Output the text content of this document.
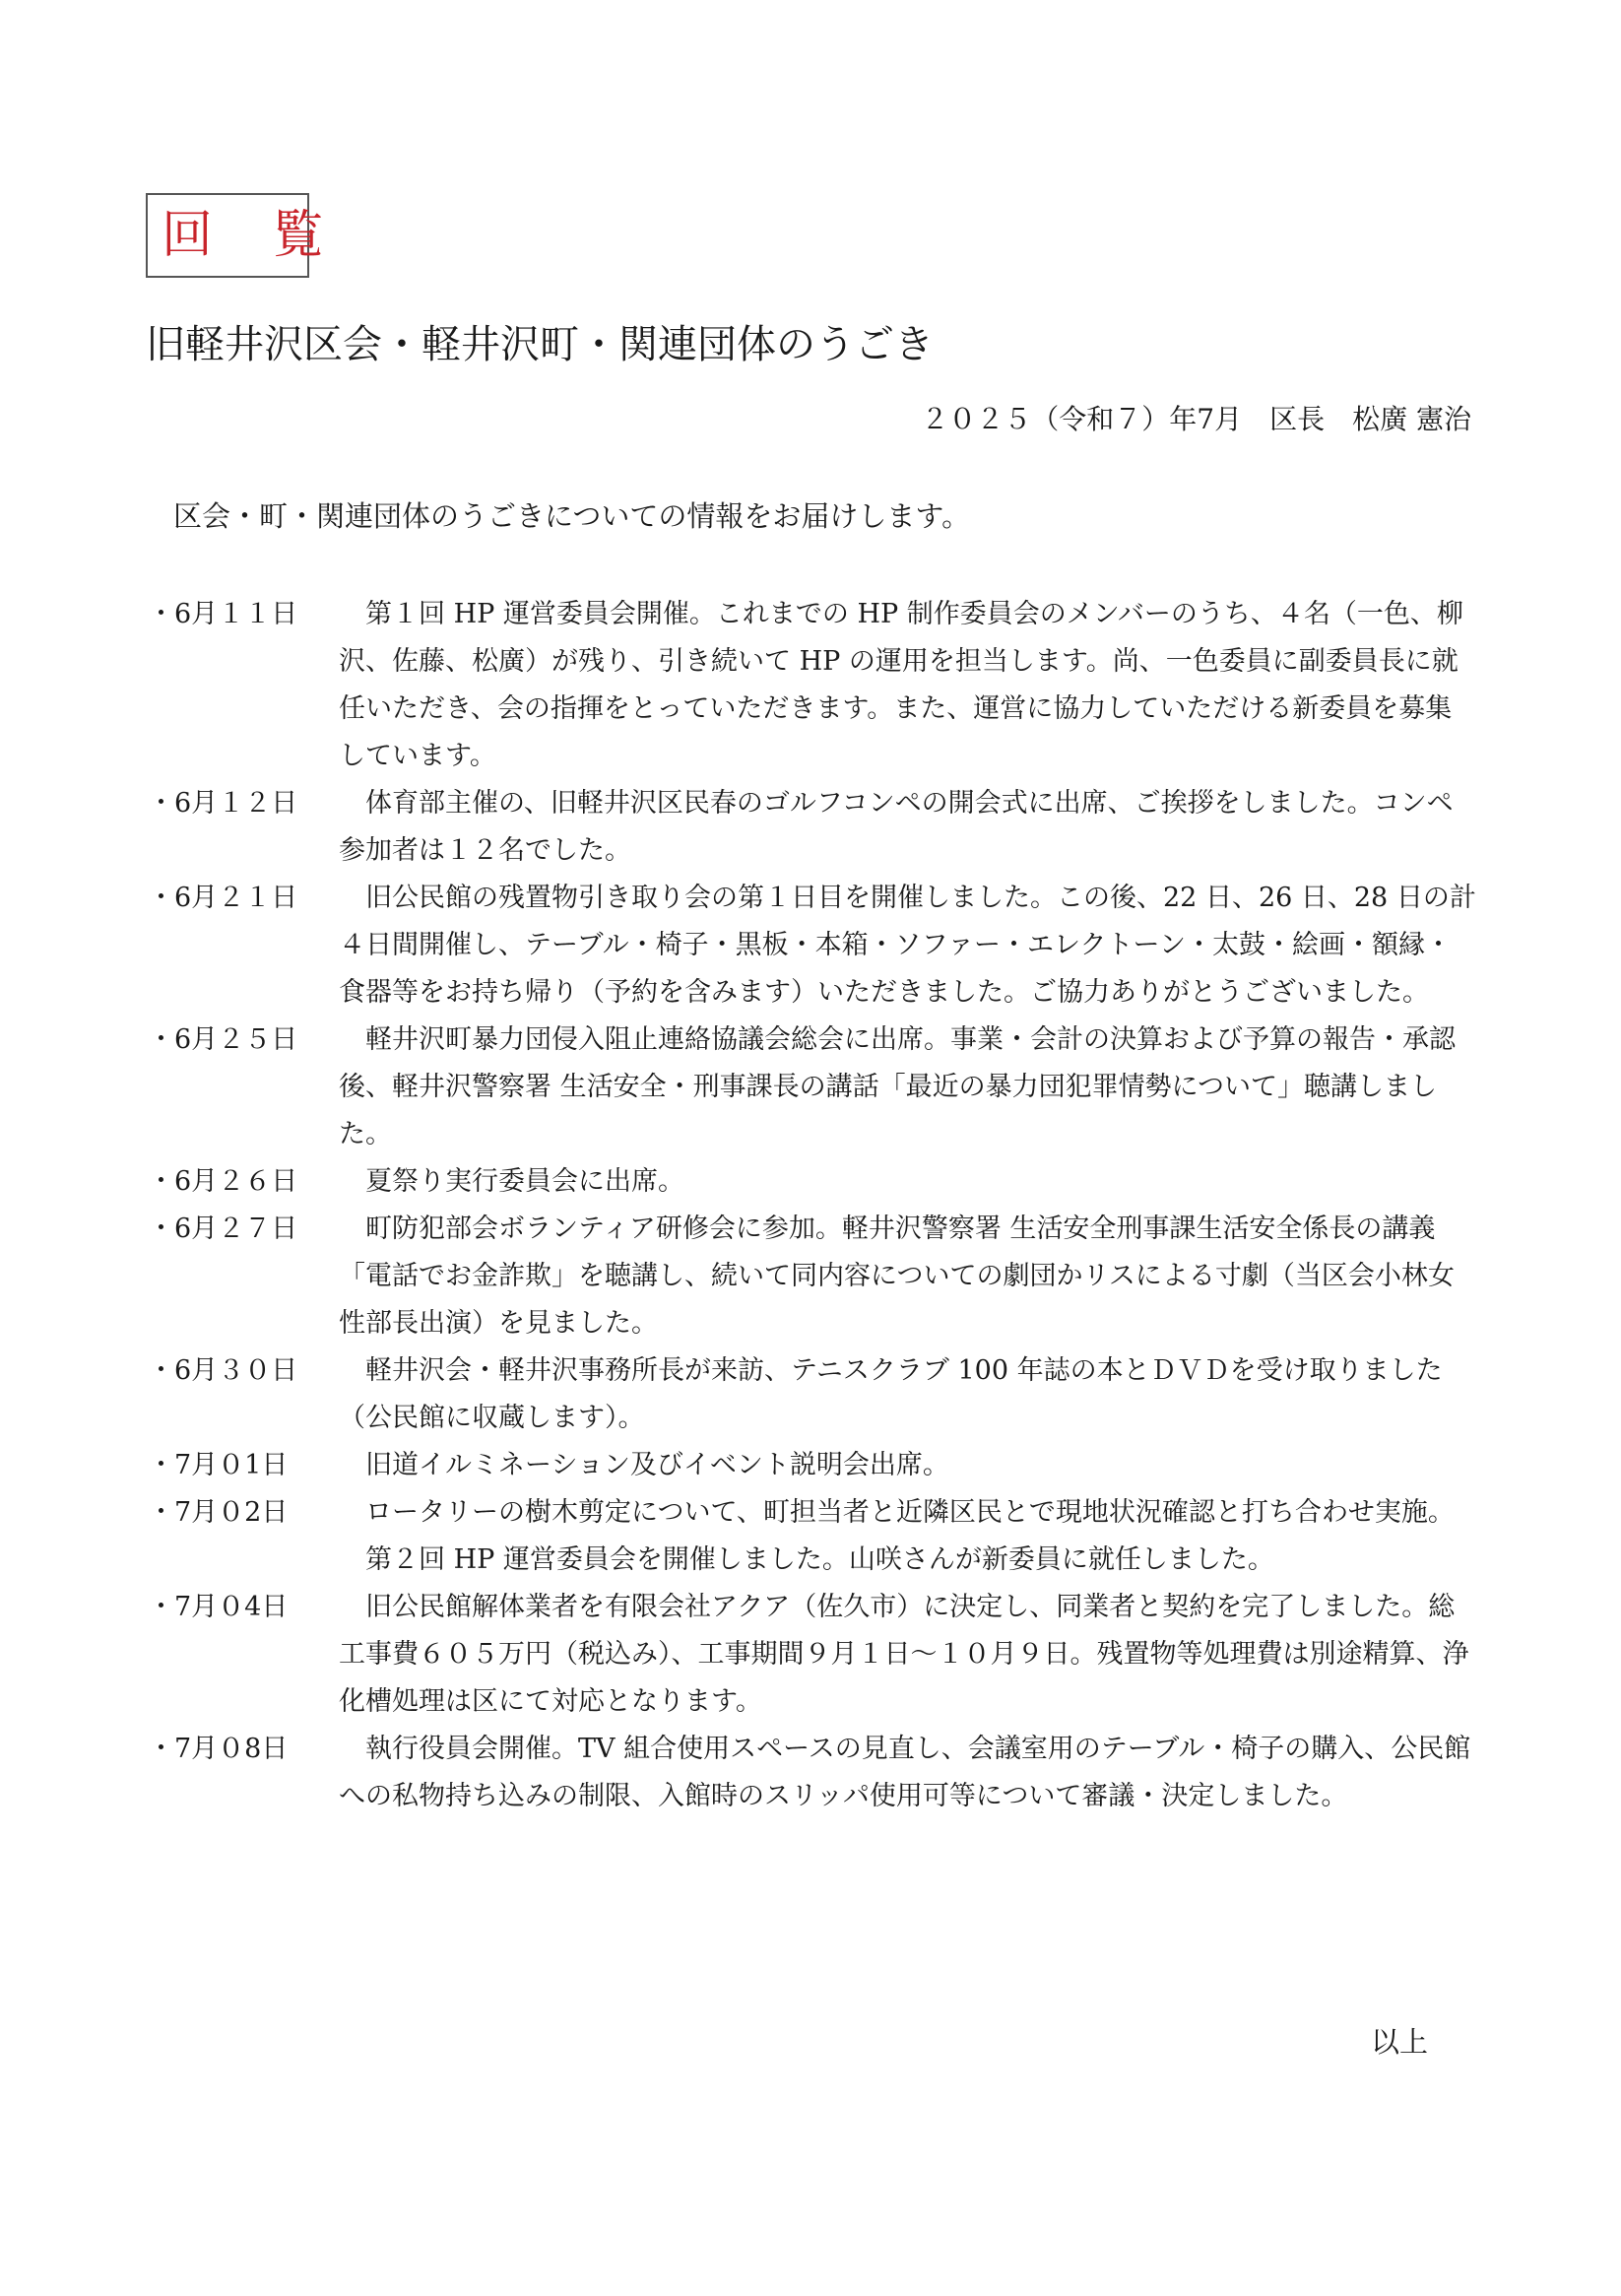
回 覧
旧軽井沢区会・軽井沢町・関連団体のうごき
２０２５（令和７）年7月　区長　松廣 憲治
区会・町・関連団体のうごきについての情報をお届けします。
・6月１１日	第１回 HP 運営委員会開催。これまでの HP 制作委員会のメンバーのうち、４名（一色、柳沢、佐藤、松廣）が残り、引き続いて HP の運用を担当します。尚、一色委員に副委員長に就任いただき、会の指揮をとっていただきます。また、運営に協力していただける新委員を募集しています。

・6月１２日	体育部主催の、旧軽井沢区民春のゴルフコンペの開会式に出席、ご挨拶をしました。コンペ参加者は１２名でした。

・6月２１日	旧公民館の残置物引き取り会の第１日目を開催しました。この後、22 日、26 日、28 日の計４日間開催し、テーブル・椅子・黒板・本箱・ソファー・エレクトーン・太鼓・絵画・額縁・食器等をお持ち帰り（予約を含みます）いただきました。ご協力ありがとうございました。

・6月２５日	軽井沢町暴力団侵入阻止連絡協議会総会に出席。事業・会計の決算および予算の報告・承認後、軽井沢警察署 生活安全・刑事課長の講話「最近の暴力団犯罪情勢について」聴講しました。

・6月２６日	夏祭り実行委員会に出席。

・6月２７日	町防犯部会ボランティア研修会に参加。軽井沢警察署 生活安全刑事課生活安全係長の講義「電話でお金詐欺」を聴講し、続いて同内容についての劇団かリスによる寸劇（当区会小林女性部長出演）を見ました。

・6月３０日	軽井沢会・軽井沢事務所長が来訪、テニスクラブ 100 年誌の本とＤＶＤを受け取りました（公民館に収蔵します）。

・7月０1日	旧道イルミネーション及びイベント説明会出席。

・7月０2日	ロータリーの樹木剪定について、町担当者と近隣区民とで現地状況確認と打ち合わせ実施。

第２回 HP 運営委員会を開催しました。山咲さんが新委員に就任しました。

・7月０4日	旧公民館解体業者を有限会社アクア（佐久市）に決定し、同業者と契約を完了しました。総工事費６０５万円（税込み）、工事期間９月１日～１０月９日。残置物等処理費は別途精算、浄化槽処理は区にて対応となります。

・7月０8日	執行役員会開催。TV 組合使用スペースの見直し、会議室用のテーブル・椅子の購入、公民館への私物持ち込みの制限、入館時のスリッパ使用可等について審議・決定しました。

以上
